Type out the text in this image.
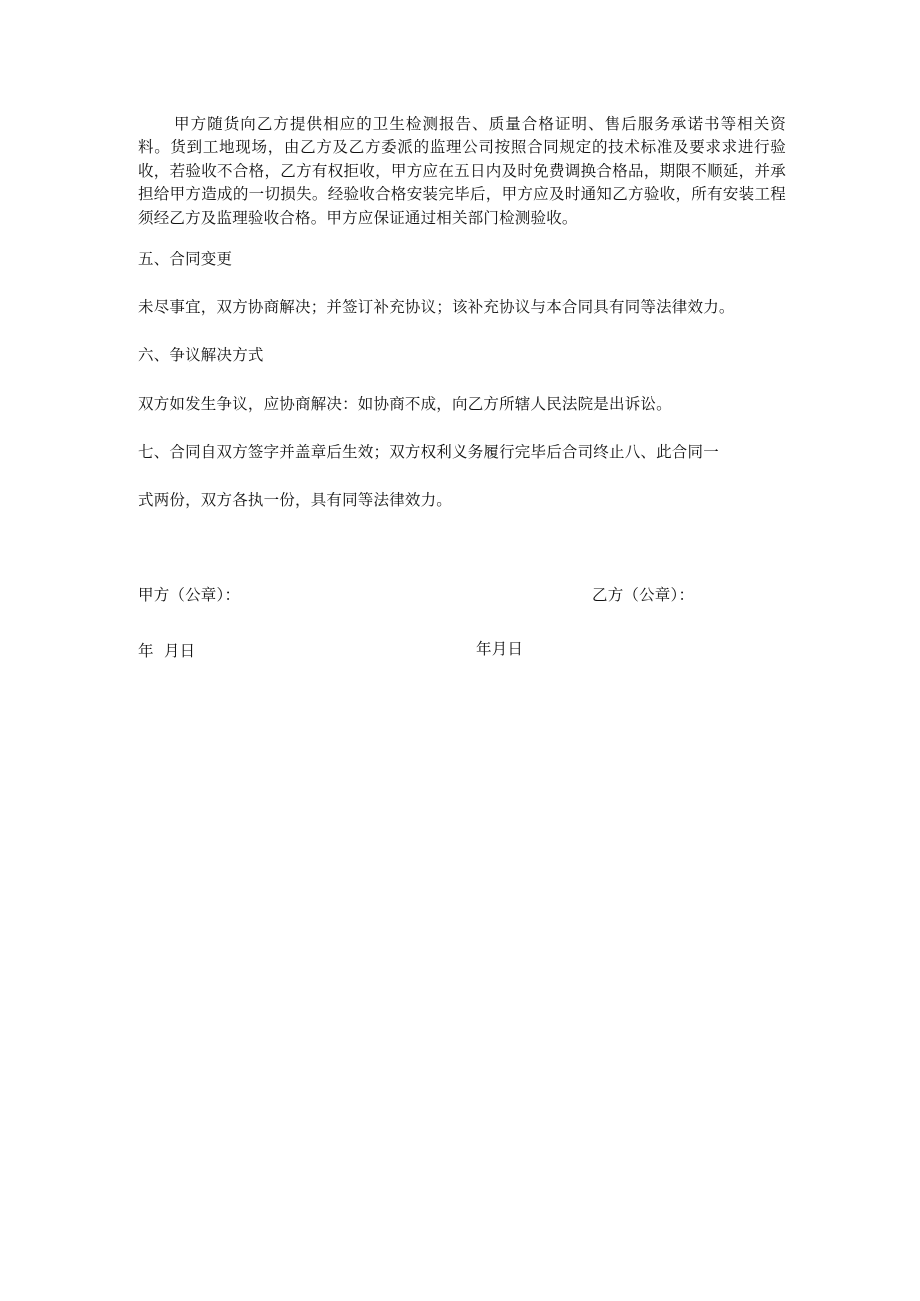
甲方随货向乙方提供相应的卫生检测报告、质量合格证明、售后服务承诺书等相关资料。货到工地现场，由乙方及乙方委派的监理公司按照合同规定的技术标准及要求求进行验收，若验收不合格，乙方有权拒收，甲方应在五日内及时免费调换合格品，期限不顺延，并承担给甲方造成的一切损失。经验收合格安装完毕后，甲方应及时通知乙方验收，所有安装工程须经乙方及监理验收合格。甲方应保证通过相关部门检测验收。

五、合同变更

未尽事宜，双方协商解决；并签订补充协议；该补充协议与本合同具有同等法律效力。

六、争议解决方式

双方如发生争议，应协商解决：如协商不成，向乙方所辖人民法院是出诉讼。

七、合同自双方签字并盖章后生效；双方权利义务履行完毕后合司终止八、此合同一

式两份，双方各执一份，具有同等法律效力。

甲方（公章）：	乙方（公章）：

年  月日	年月日
